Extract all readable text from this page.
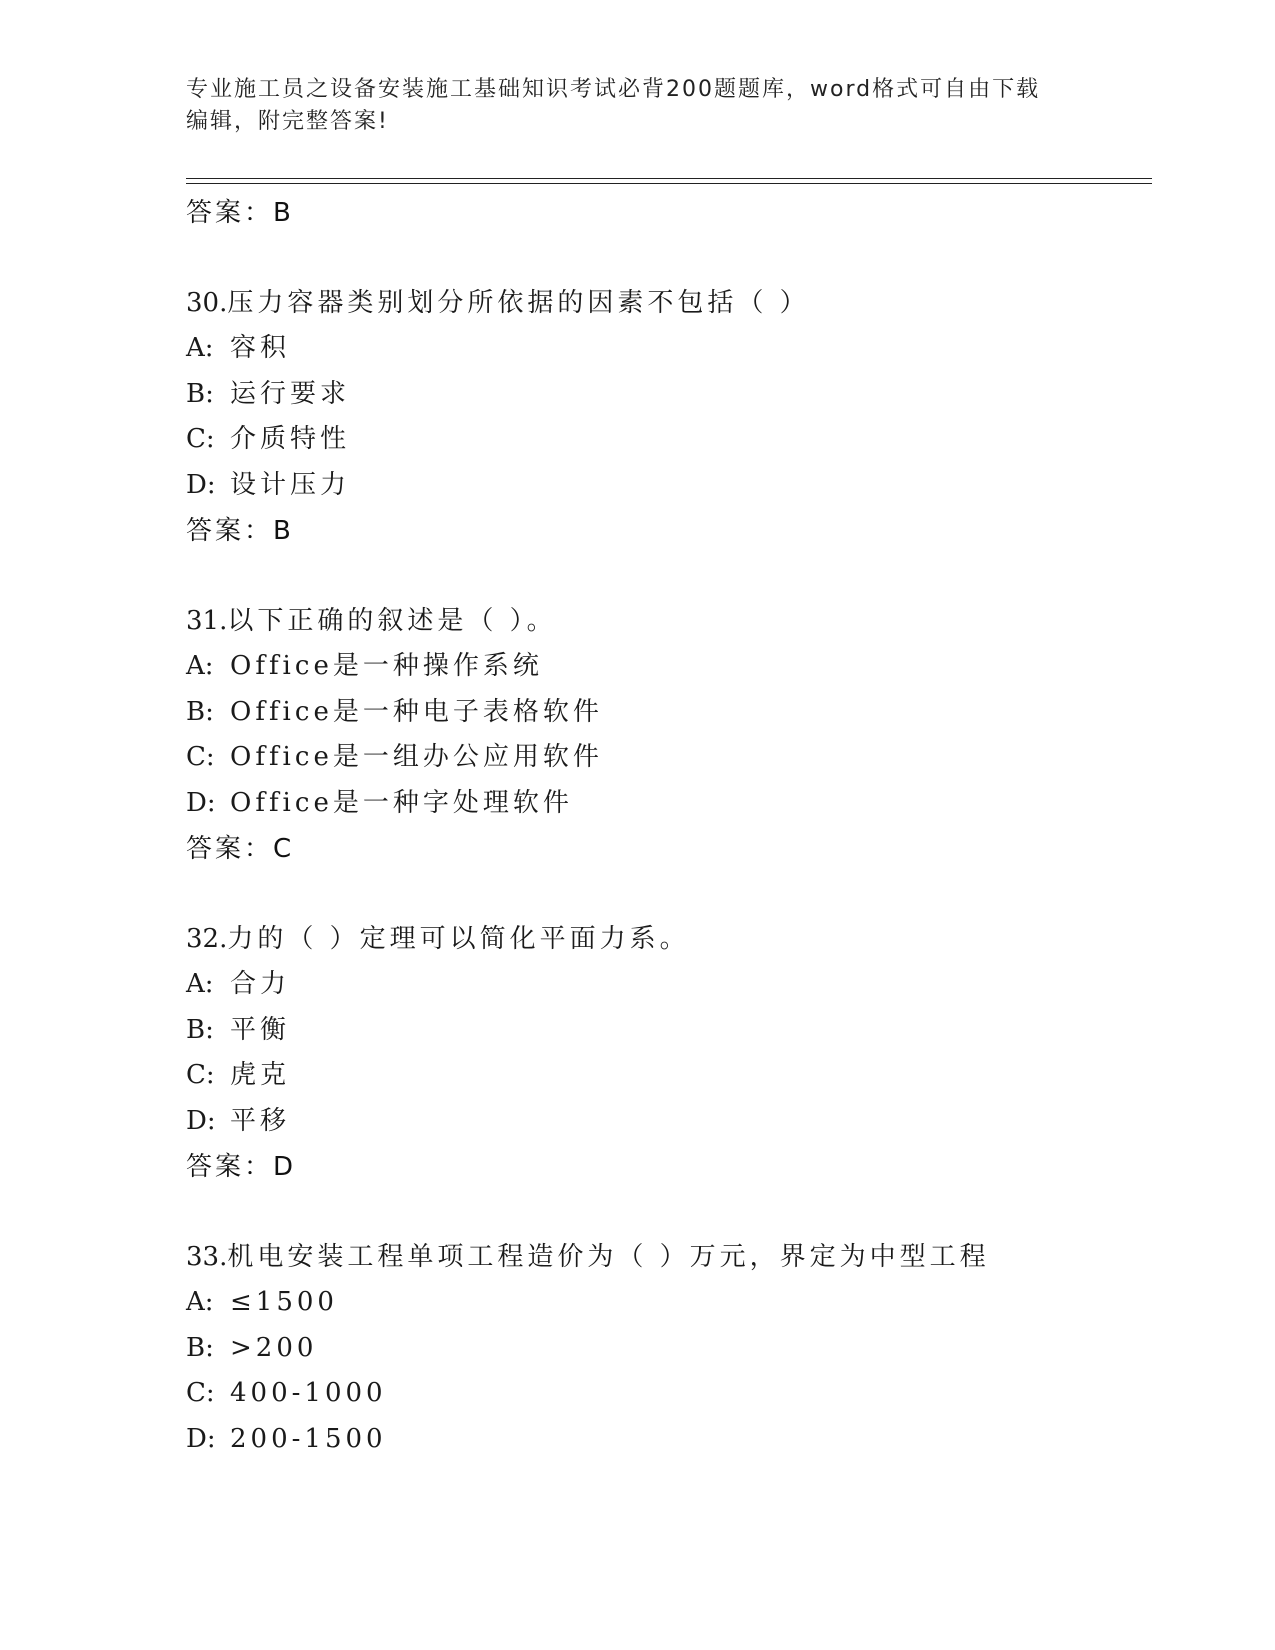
专业施工员之设备安装施工基础知识考试必背200题题库，word格式可自由下载
编辑，附完整答案!
答案：B
30.压力容器类别划分所依据的因素不包括（ ）
A: 容积
B: 运行要求
C: 介质特性
D: 设计压力
答案：B
31.以下正确的叙述是（ ）。
A: Office是一种操作系统
B: Office是一种电子表格软件
C: Office是一组办公应用软件
D: Office是一种字处理软件
答案：C
32.力的（ ）定理可以简化平面力系。
A: 合力
B: 平衡
C: 虎克
D: 平移
答案：D
33.机电安装工程单项工程造价为（ ）万元，界定为中型工程
A: ≤1500
B: >200
C: 400-1000
D: 200-1500
